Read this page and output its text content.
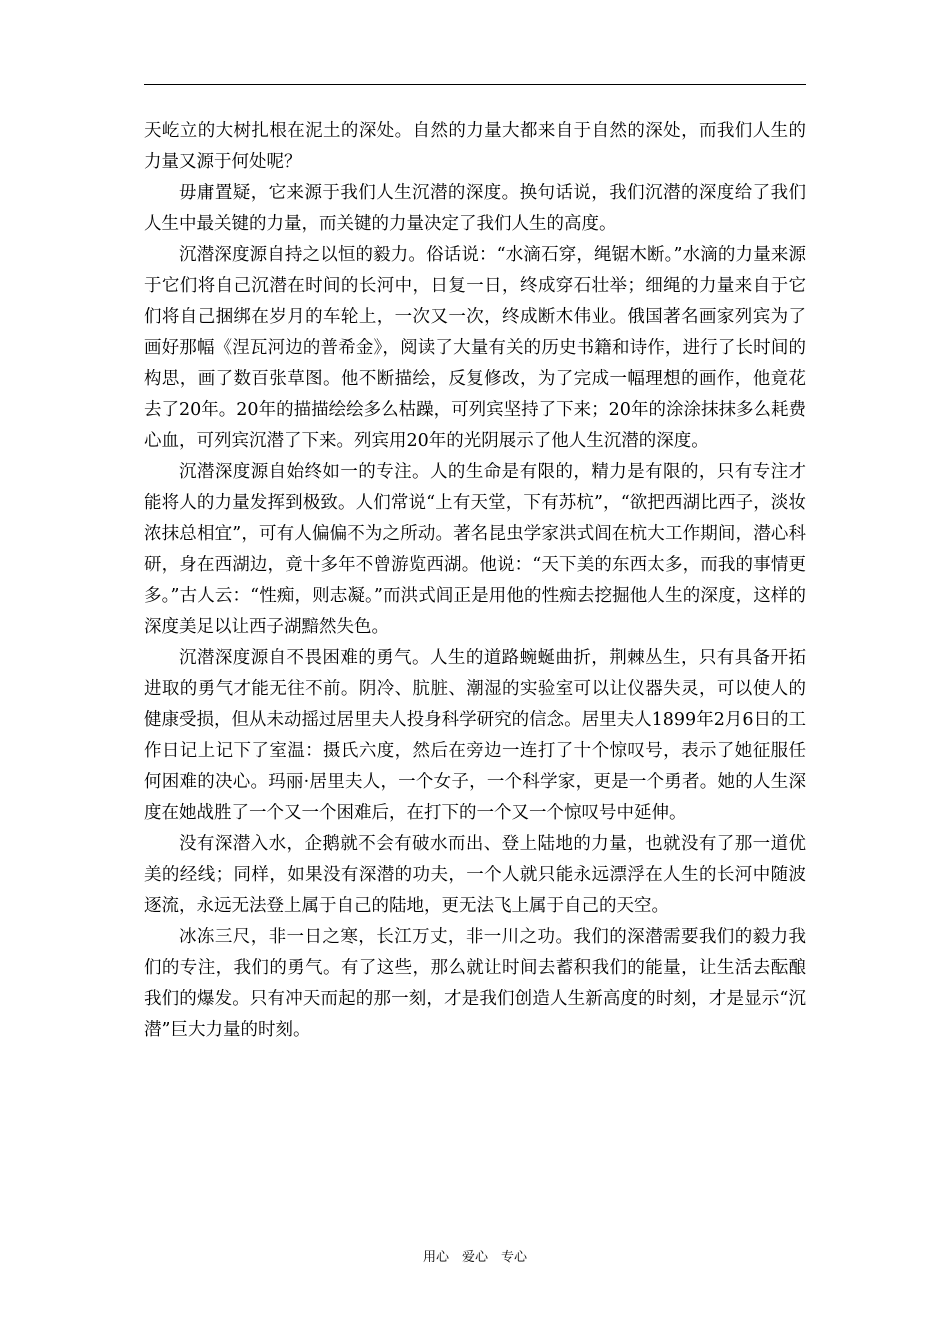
天屹立的大树扎根在泥土的深处。自然的力量大都来自于自然的深处，而我们人生的力量又源于何处呢？

毋庸置疑，它来源于我们人生沉潜的深度。换句话说，我们沉潜的深度给了我们人生中最关键的力量，而关键的力量决定了我们人生的高度。

沉潜深度源自持之以恒的毅力。俗话说：“水滴石穿，绳锯木断。”水滴的力量来源于它们将自己沉潜在时间的长河中，日复一日，终成穿石壮举；细绳的力量来自于它们将自己捆绑在岁月的车轮上，一次又一次，终成断木伟业。俄国著名画家列宾为了画好那幅《涅瓦河边的普希金》，阅读了大量有关的历史书籍和诗作，进行了长时间的构思，画了数百张草图。他不断描绘，反复修改，为了完成一幅理想的画作，他竟花去了20年。20年的描描绘绘多么枯躁，可列宾坚持了下来；20年的涂涂抹抹多么耗费心血，可列宾沉潜了下来。列宾用20年的光阴展示了他人生沉潜的深度。

沉潜深度源自始终如一的专注。人的生命是有限的，精力是有限的，只有专注才能将人的力量发挥到极致。人们常说“上有天堂，下有苏杭”，“欲把西湖比西子，淡妆浓抹总相宜”，可有人偏偏不为之所动。著名昆虫学家洪式闾在杭大工作期间，潜心科研，身在西湖边，竟十多年不曾游览西湖。他说：“天下美的东西太多，而我的事情更多。”古人云：“性痴，则志凝。”而洪式闾正是用他的性痴去挖掘他人生的深度，这样的深度美足以让西子湖黯然失色。

沉潜深度源自不畏困难的勇气。人生的道路蜿蜒曲折，荆棘丛生，只有具备开拓进取的勇气才能无往不前。阴冷、肮脏、潮湿的实验室可以让仪器失灵，可以使人的健康受损，但从未动摇过居里夫人投身科学研究的信念。居里夫人1899年2月6日的工作日记上记下了室温：摄氏六度，然后在旁边一连打了十个惊叹号，表示了她征服任何困难的决心。玛丽·居里夫人，一个女子，一个科学家，更是一个勇者。她的人生深度在她战胜了一个又一个困难后，在打下的一个又一个惊叹号中延伸。

没有深潜入水，企鹅就不会有破水而出、登上陆地的力量，也就没有了那一道优美的经线；同样，如果没有深潜的功夫，一个人就只能永远漂浮在人生的长河中随波逐流，永远无法登上属于自己的陆地，更无法飞上属于自己的天空。

冰冻三尺，非一日之寒，长江万丈，非一川之功。我们的深潜需要我们的毅力我们的专注，我们的勇气。有了这些，那么就让时间去蓄积我们的能量，让生活去酝酿我们的爆发。只有冲天而起的那一刻，才是我们创造人生新高度的时刻，才是显示“沉潜”巨大力量的时刻。

用心　爱心　专心
